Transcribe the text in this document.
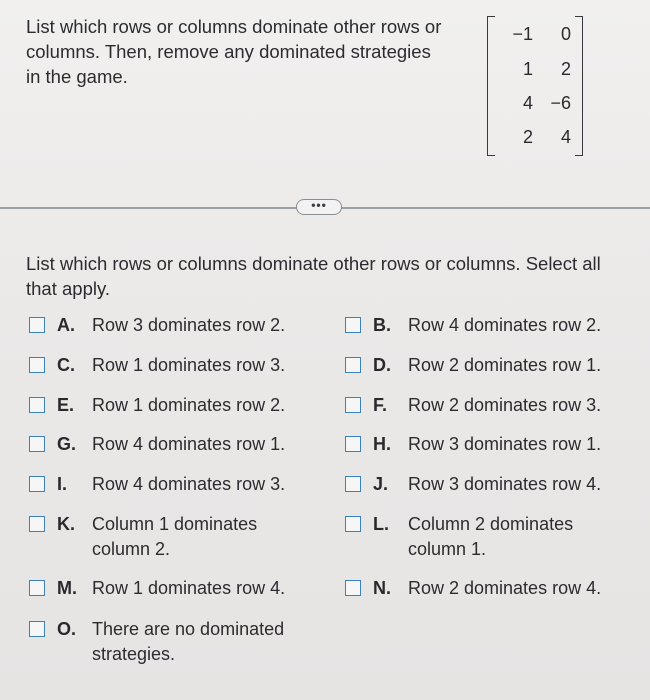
List which rows or columns dominate other rows or columns. Then, remove any dominated strategies in the game.
−1	0
1	2
4 −6
2	4
•••
List which rows or columns dominate other rows or columns. Select all that apply.
A. Row 3 dominates row 2.
C. Row 1 dominates row 3.
E. Row 1 dominates row 2.
G. Row 4 dominates row 1.
I. Row 4 dominates row 3.
K. Column 1 dominates
column 2.
M. Row 1 dominates row 4.
O. There are no dominated
strategies.
B. Row 4 dominates row 2.
D. Row 2 dominates row 1.
F. Row 2 dominates row 3.
H. Row 3 dominates row 1.
J. Row 3 dominates row 4.
L. Column 2 dominates
column 1.
N. Row 2 dominates row 4.
